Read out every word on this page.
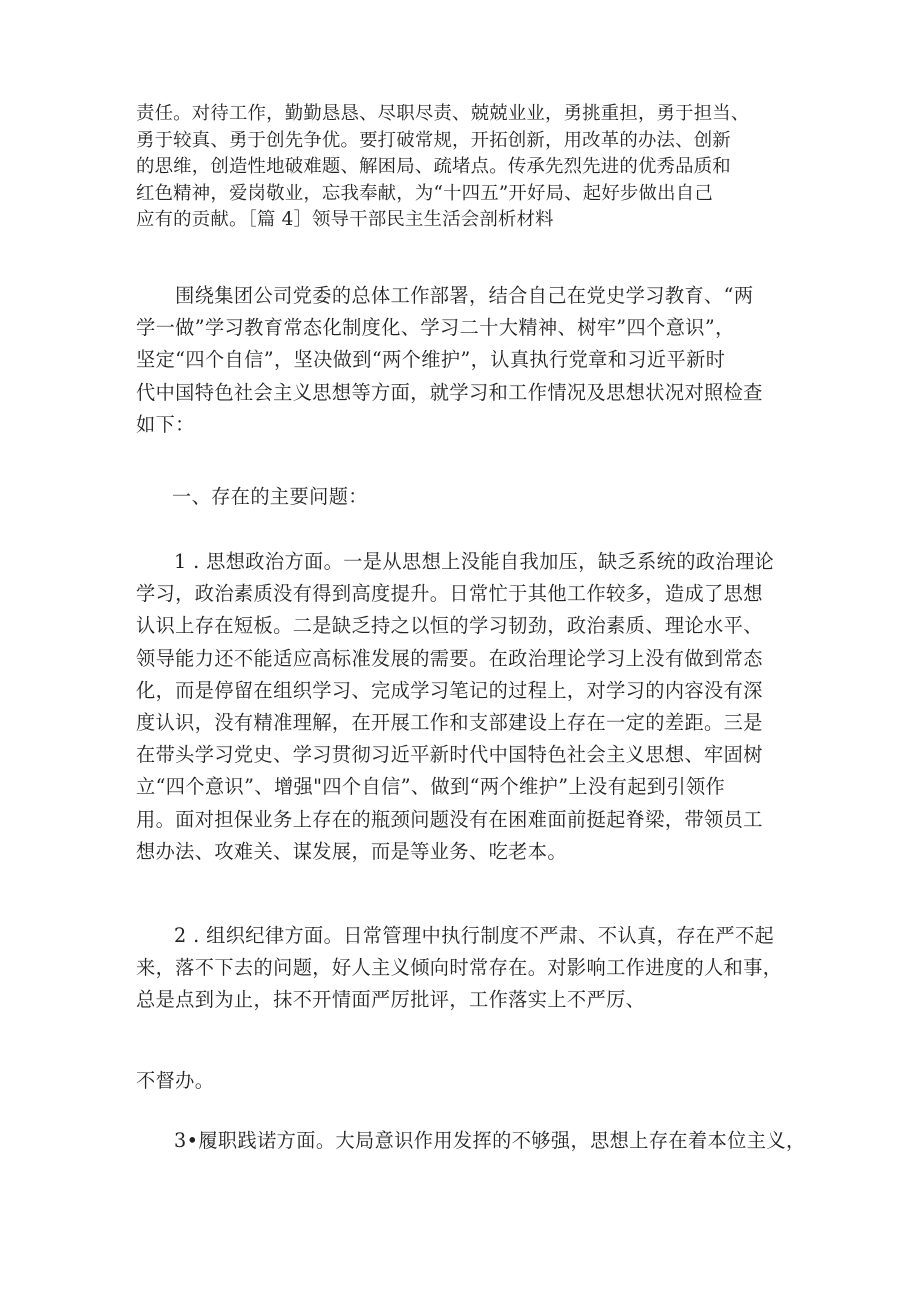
责任。对待工作，勤勤恳恳、尽职尽责、兢兢业业，勇挑重担，勇于担当、
勇于较真、勇于创先争优。要打破常规，开拓创新，用改革的办法、创新
的思维，创造性地破难题、解困局、疏堵点。传承先烈先进的优秀品质和
红色精神，爱岗敬业，忘我奉献，为“十四五”开好局、起好步做出自己
应有的贡献。［篇 4］领导干部民主生活会剖析材料
　　围绕集团公司党委的总体工作部署，结合自己在党史学习教育、“两
学一做”学习教育常态化制度化、学习二十大精神、树牢”四个意识”，
坚定“四个自信”，坚决做到“两个维护”，认真执行党章和习近平新时
代中国特色社会主义思想等方面，就学习和工作情况及思想状况对照检查
如下：
一、存在的主要问题：
1 . 思想政治方面。一是从思想上没能自我加压，缺乏系统的政治理论
学习，政治素质没有得到高度提升。日常忙于其他工作较多，造成了思想
认识上存在短板。二是缺乏持之以恒的学习韧劲，政治素质、理论水平、
领导能力还不能适应高标准发展的需要。在政治理论学习上没有做到常态
化，而是停留在组织学习、完成学习笔记的过程上，对学习的内容没有深
度认识，没有精准理解，在开展工作和支部建设上存在一定的差距。三是
在带头学习党史、学习贯彻习近平新时代中国特色社会主义思想、牢固树
立“四个意识”、增强"四个自信”、做到“两个维护”上没有起到引领作
用。面对担保业务上存在的瓶颈问题没有在困难面前挺起脊梁，带领员工
想办法、攻难关、谋发展，而是等业务、吃老本。
2 . 组织纪律方面。日常管理中执行制度不严肃、不认真，存在严不起
来，落不下去的问题，好人主义倾向时常存在。对影响工作进度的人和事，
总是点到为止，抹不开情面严厉批评，工作落实上不严厉、
不督办。
3•履职践诺方面。大局意识作用发挥的不够强，思想上存在着本位主义，
